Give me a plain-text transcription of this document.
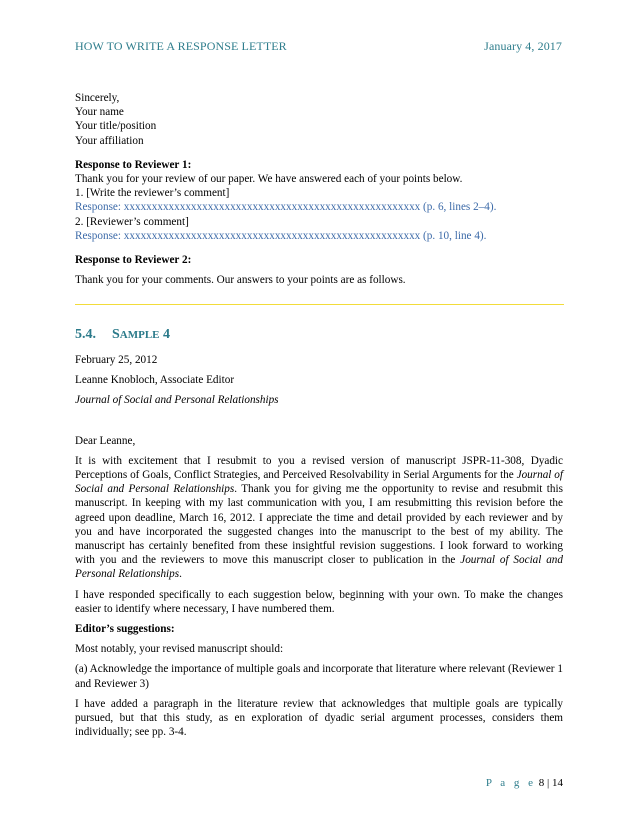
HOW TO WRITE A RESPONSE LETTER	January 4, 2017

Sincerely,

Your name

Your title/position

Your affiliation

Response to Reviewer 1:

Thank you for your review of our paper. We have answered each of your points below.

1. [Write the reviewer’s comment]

Response: xxxxxxxxxxxxxxxxxxxxxxxxxxxxxxxxxxxxxxxxxxxxxxxxxxxxx (p. 6, lines 2–4).

2. [Reviewer’s comment]

Response: xxxxxxxxxxxxxxxxxxxxxxxxxxxxxxxxxxxxxxxxxxxxxxxxxxxxx (p. 10, line 4).

Response to Reviewer 2:

Thank you for your comments. Our answers to your points are as follows.

5.4. SAMPLE 4

February 25, 2012

Leanne Knobloch, Associate Editor

Journal of Social and Personal Relationships

Dear Leanne,

It is with excitement that I resubmit to you a revised version of manuscript JSPR-11-308, Dyadic Perceptions of Goals, Conflict Strategies, and Perceived Resolvability in Serial Arguments for the Journal of Social and Personal Relationships. Thank you for giving me the opportunity to revise and resubmit this manuscript. In keeping with my last communication with you, I am resubmitting this revision before the agreed upon deadline, March 16, 2012. I appreciate the time and detail provided by each reviewer and by you and have incorporated the suggested changes into the manuscript to the best of my ability. The manuscript has certainly benefited from these insightful revision suggestions. I look forward to working with you and the reviewers to move this manuscript closer to publication in the Journal of Social and Personal Relationships.

I have responded specifically to each suggestion below, beginning with your own. To make the changes easier to identify where necessary, I have numbered them.

Editor’s suggestions:

Most notably, your revised manuscript should:

(a) Acknowledge the importance of multiple goals and incorporate that literature where relevant (Reviewer 1 and Reviewer 3)

I have added a paragraph in the literature review that acknowledges that multiple goals are typically pursued, but that this study, as en exploration of dyadic serial argument processes, considers them individually; see pp. 3-4.

P a g e 8 | 14
